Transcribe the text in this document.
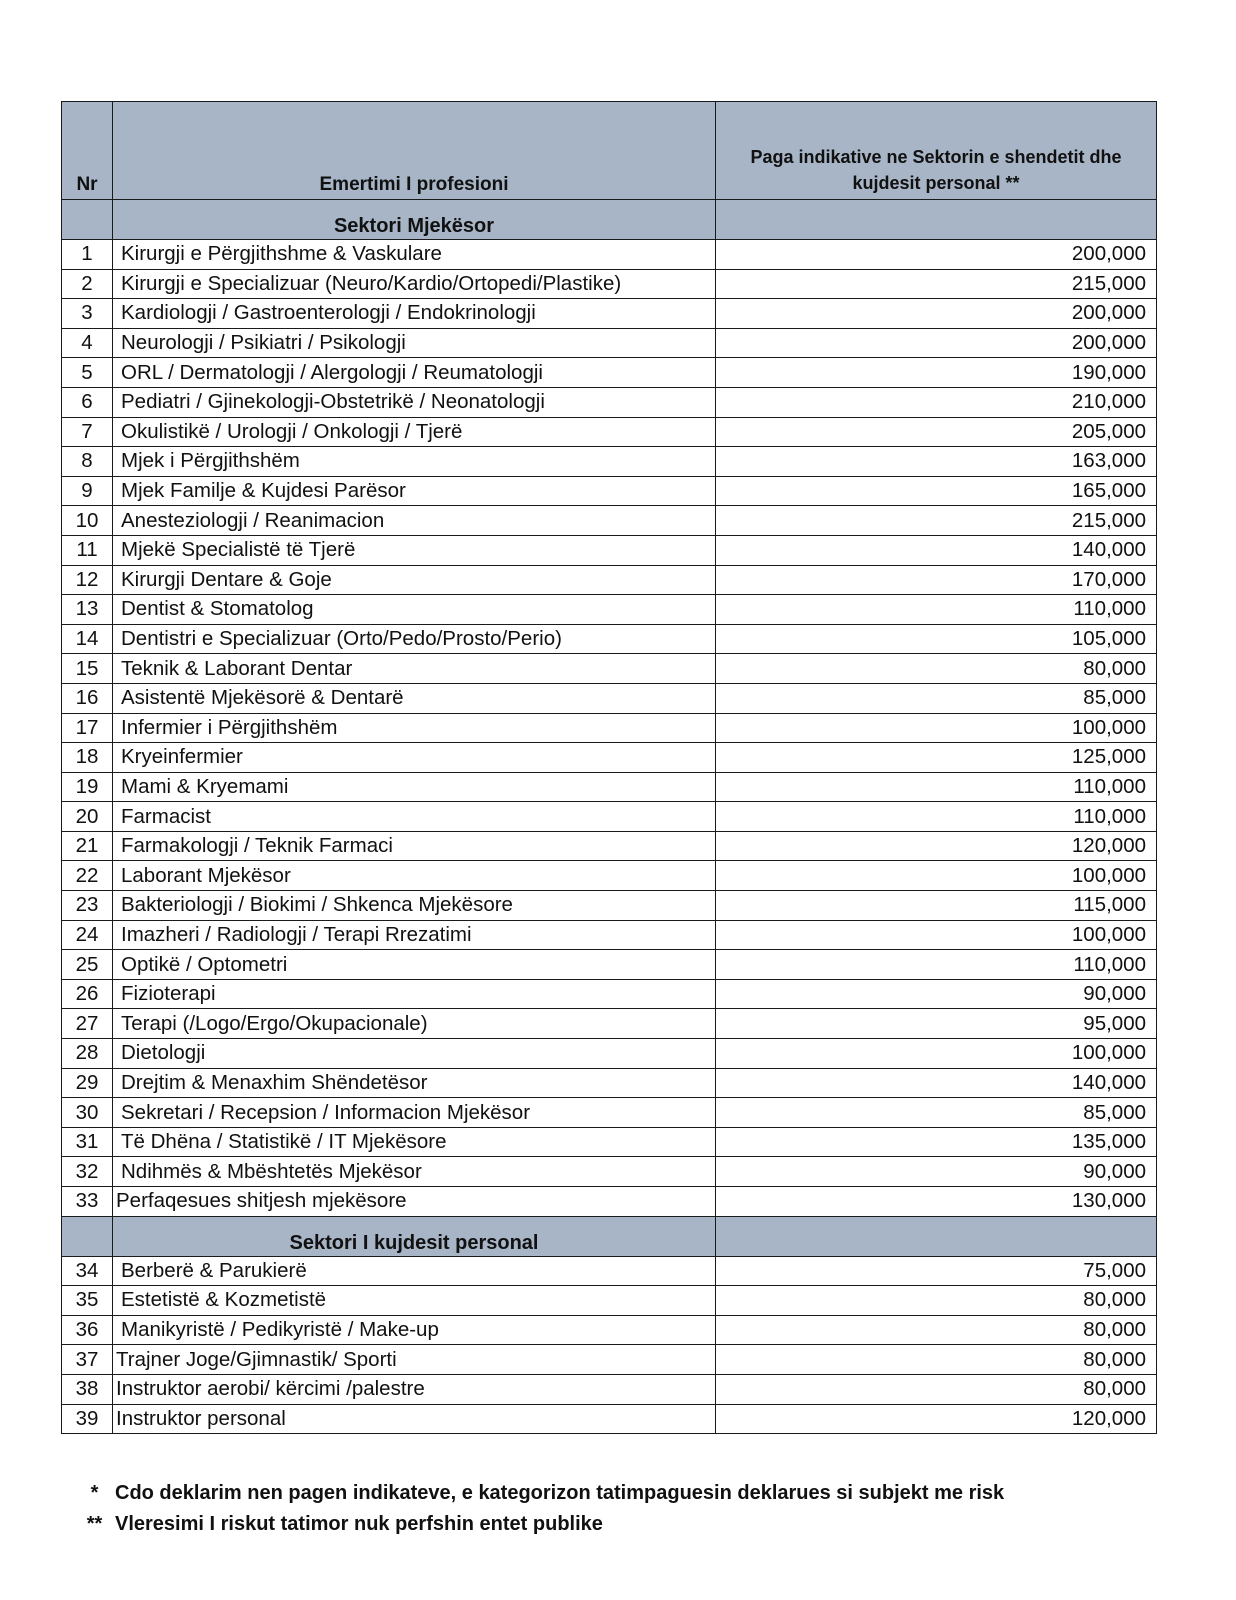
Nr	Emertimi I profesioni	Paga indikative ne Sektorin e shendetit dhe kujdesit personal **
	Sektori Mjekësor	
1	Kirurgji e Përgjithshme & Vaskulare	200,000
2	Kirurgji e Specializuar (Neuro/Kardio/Ortopedi/Plastike)	215,000
3	Kardiologji / Gastroenterologji / Endokrinologji	200,000
4	Neurologji / Psikiatri / Psikologji	200,000
5	ORL / Dermatologji / Alergologji / Reumatologji	190,000
6	Pediatri / Gjinekologji-Obstetrikë / Neonatologji	210,000
7	Okulistikë / Urologji / Onkologji / Tjerë	205,000
8	Mjek i Përgjithshëm	163,000
9	Mjek Familje & Kujdesi Parësor	165,000
10	Anesteziologji / Reanimacion	215,000
11	Mjekë Specialistë të Tjerë	140,000
12	Kirurgji Dentare & Goje	170,000
13	Dentist & Stomatolog	110,000
14	Dentistri e Specializuar (Orto/Pedo/Prosto/Perio)	105,000
15	Teknik & Laborant Dentar	80,000
16	Asistentë Mjekësorë & Dentarë	85,000
17	Infermier i Përgjithshëm	100,000
18	Kryeinfermier	125,000
19	Mami & Kryemami	110,000
20	Farmacist	110,000
21	Farmakologji / Teknik Farmaci	120,000
22	Laborant Mjekësor	100,000
23	Bakteriologji / Biokimi / Shkenca Mjekësore	115,000
24	Imazheri / Radiologji / Terapi Rrezatimi	100,000
25	Optikë / Optometri	110,000
26	Fizioterapi	90,000
27	Terapi (/Logo/Ergo/Okupacionale)	95,000
28	Dietologji	100,000
29	Drejtim & Menaxhim Shëndetësor	140,000
30	Sekretari / Recepsion / Informacion Mjekësor	85,000
31	Të Dhëna / Statistikë / IT Mjekësore	135,000
32	Ndihmës & Mbështetës Mjekësor	90,000
33	Perfaqesues shitjesh mjekësore	130,000
	Sektori I kujdesit personal	
34	Berberë & Parukierë	75,000
35	Estetistë & Kozmetistë	80,000
36	Manikyristë / Pedikyristë / Make-up	80,000
37	Trajner Joge/Gjimnastik/ Sporti	80,000
38	Instruktor aerobi/ kërcimi /palestre	80,000
39	Instruktor personal	120,000
* Cdo deklarim nen pagen indikateve, e kategorizon tatimpaguesin deklarues si subjekt me risk
** Vleresimi I riskut tatimor nuk perfshin entet publike
